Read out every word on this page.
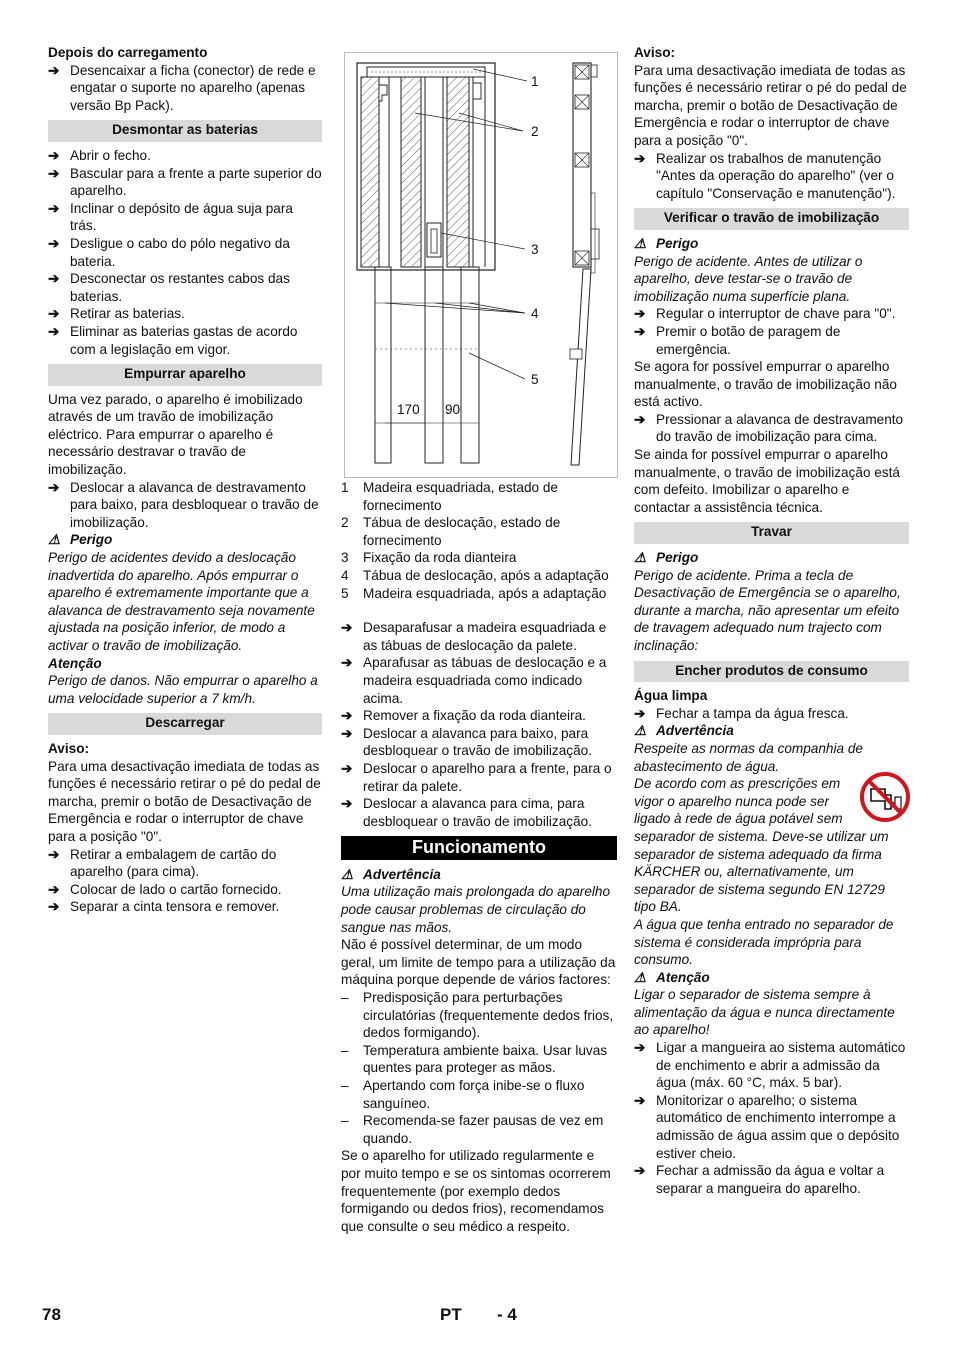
Depois do carregamento

➔ Desencaixar a ficha (conector) de rede e engatar o suporte no aparelho (apenas versão Bp Pack).
Desmontar as baterias
➔ Abrir o fecho.
➔ Bascular para a frente a parte superior do aparelho.
➔ Inclinar o depósito de água suja para trás.
➔ Desligue o cabo do pólo negativo da bateria.
➔ Desconectar os restantes cabos das baterias.
➔ Retirar as baterias.
➔ Eliminar as baterias gastas de acordo com a legislação em vigor.
Empurrar aparelho

Uma vez parado, o aparelho é imobilizado através de um travão de imobilização eléctrico. Para empurrar o aparelho é necessário destravar o travão de imobilização.

➔ Deslocar a alavanca de destravamento para baixo, para desbloquear o travão de imobilização.
⚠ Perigo

Perigo de acidentes devido a deslocação inadvertida do aparelho. Após empurrar o aparelho é extremamente importante que a alavanca de destravamento seja novamente ajustada na posição inferior, de modo a activar o travão de imobilização.

Atenção

Perigo de danos. Não empurrar o aparelho a uma velocidade superior a 7 km/h.

Descarregar

Aviso:

Para uma desactivação imediata de todas as funções é necessário retirar o pé do pedal de marcha, premir o botão de Desactivação de Emergência e rodar o interruptor de chave para a posição "0".

➔ Retirar a embalagem de cartão do aparelho (para cima).
➔ Colocar de lado o cartão fornecido.
➔ Separar a cinta tensora e remover.
1
2
3
4
5
170 90
1	Madeira esquadriada, estado de fornecimento
2	Tábua de deslocação, estado de fornecimento
3	Fixação da roda dianteira
4	Tábua de deslocação, após a adaptação
5	Madeira esquadriada, após a adaptação
➔ Desaparafusar a madeira esquadriada e as tábuas de deslocação da palete.
➔ Aparafusar as tábuas de deslocação e a madeira esquadriada como indicado acima.
➔ Remover a fixação da roda dianteira.
➔ Deslocar a alavanca para baixo, para desbloquear o travão de imobilização.
➔ Deslocar o aparelho para a frente, para o retirar da palete.
➔ Deslocar a alavanca para cima, para desbloquear o travão de imobilização.
Funcionamento
⚠ Advertência

Uma utilização mais prolongada do aparelho pode causar problemas de circulação do sangue nas mãos.

Não é possível determinar, de um modo geral, um limite de tempo para a utilização da máquina porque depende de vários factores:

–	Predisposição para perturbações circulatórias (frequentemente dedos frios, dedos formigando).
–	Temperatura ambiente baixa. Usar luvas quentes para proteger as mãos.
–	Apertando com força inibe-se o fluxo sanguíneo.
–	Recomenda-se fazer pausas de vez em quando.

Se o aparelho for utilizado regularmente e por muito tempo e se os sintomas ocorrerem frequentemente (por exemplo dedos formigando ou dedos frios), recomendamos que consulte o seu médico a respeito.

Aviso:

Para uma desactivação imediata de todas as funções é necessário retirar o pé do pedal de marcha, premir o botão de Desactivação de Emergência e rodar o interruptor de chave para a posição "0".

➔ Realizar os trabalhos de manutenção "Antes da operação do aparelho" (ver o capítulo "Conservação e manutenção").
Verificar o travão de imobilização
⚠ Perigo

Perigo de acidente. Antes de utilizar o aparelho, deve testar-se o travão de imobilização numa superfície plana.

➔ Regular o interruptor de chave para "0".
➔ Premir o botão de paragem de emergência.

Se agora for possível empurrar o aparelho manualmente, o travão de imobilização não está activo.

➔ Pressionar a alavanca de destravamento do travão de imobilização para cima.

Se ainda for possível empurrar o aparelho manualmente, o travão de imobilização está com defeito. Imobilizar o aparelho e contactar a assistência técnica.

Travar
⚠ Perigo

Perigo de acidente. Prima a tecla de Desactivação de Emergência se o aparelho, durante a marcha, não apresentar um efeito de travagem adequado num trajecto com inclinação:

Encher produtos de consumo

Água limpa

➔ Fechar a tampa da água fresca.
⚠ Advertência

Respeite as normas da companhia de abastecimento de água.

De acordo com as prescrições em vigor o aparelho nunca pode ser ligado à rede de água potável sem separador de sistema. Deve-se utilizar um separador de sistema adequado da firma KÄRCHER ou, alternativamente, um separador de sistema segundo EN 12729 tipo BA.

A água que tenha entrado no separador de sistema é considerada imprópria para consumo.

⚠ Atenção

Ligar o separador de sistema sempre à alimentação da água e nunca directamente ao aparelho!

➔ Ligar a mangueira ao sistema automático de enchimento e abrir a admissão da água (máx. 60 °C, máx. 5 bar).
➔ Monitorizar o aparelho; o sistema automático de enchimento interrompe a admissão de água assim que o depósito estiver cheio.
➔ Fechar a admissão da água e voltar a separar a mangueira do aparelho.
78	PT - 4
